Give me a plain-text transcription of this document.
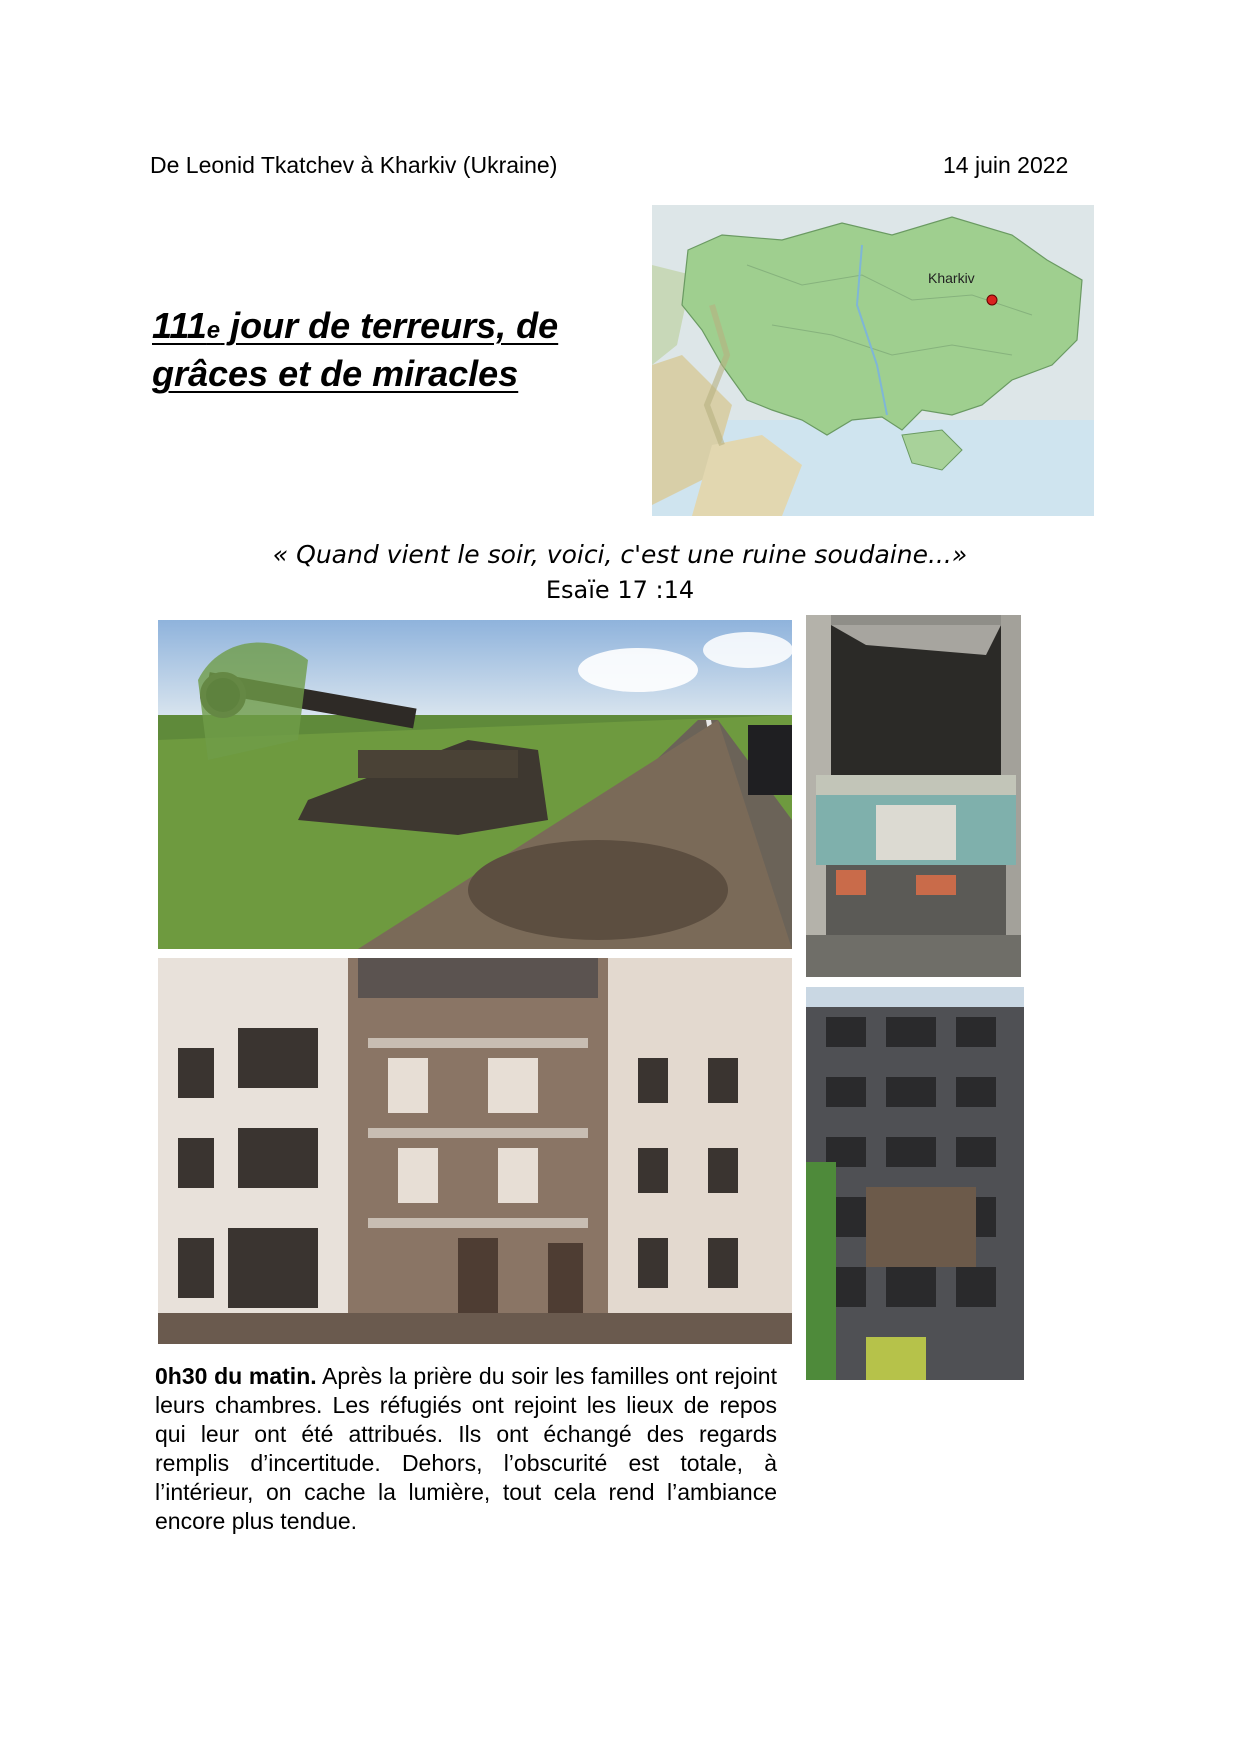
De Leonid Tkatchev à Kharkiv (Ukraine)	14 juin 2022
111e jour de terreurs, de
grâces et de miracles
Kharkiv
« Quand vient le soir, voici, c'est une ruine soudaine...»
Esaïe 17 :14
0h30 du matin. Après la prière du soir les familles ont rejoint leurs chambres. Les réfugiés ont rejoint les lieux de repos qui leur ont été attribués. Ils ont échangé des regards remplis d’incertitude. Dehors, l’obscurité est totale, à l’intérieur, on cache la lumière, tout cela rend l’ambiance encore plus tendue.
